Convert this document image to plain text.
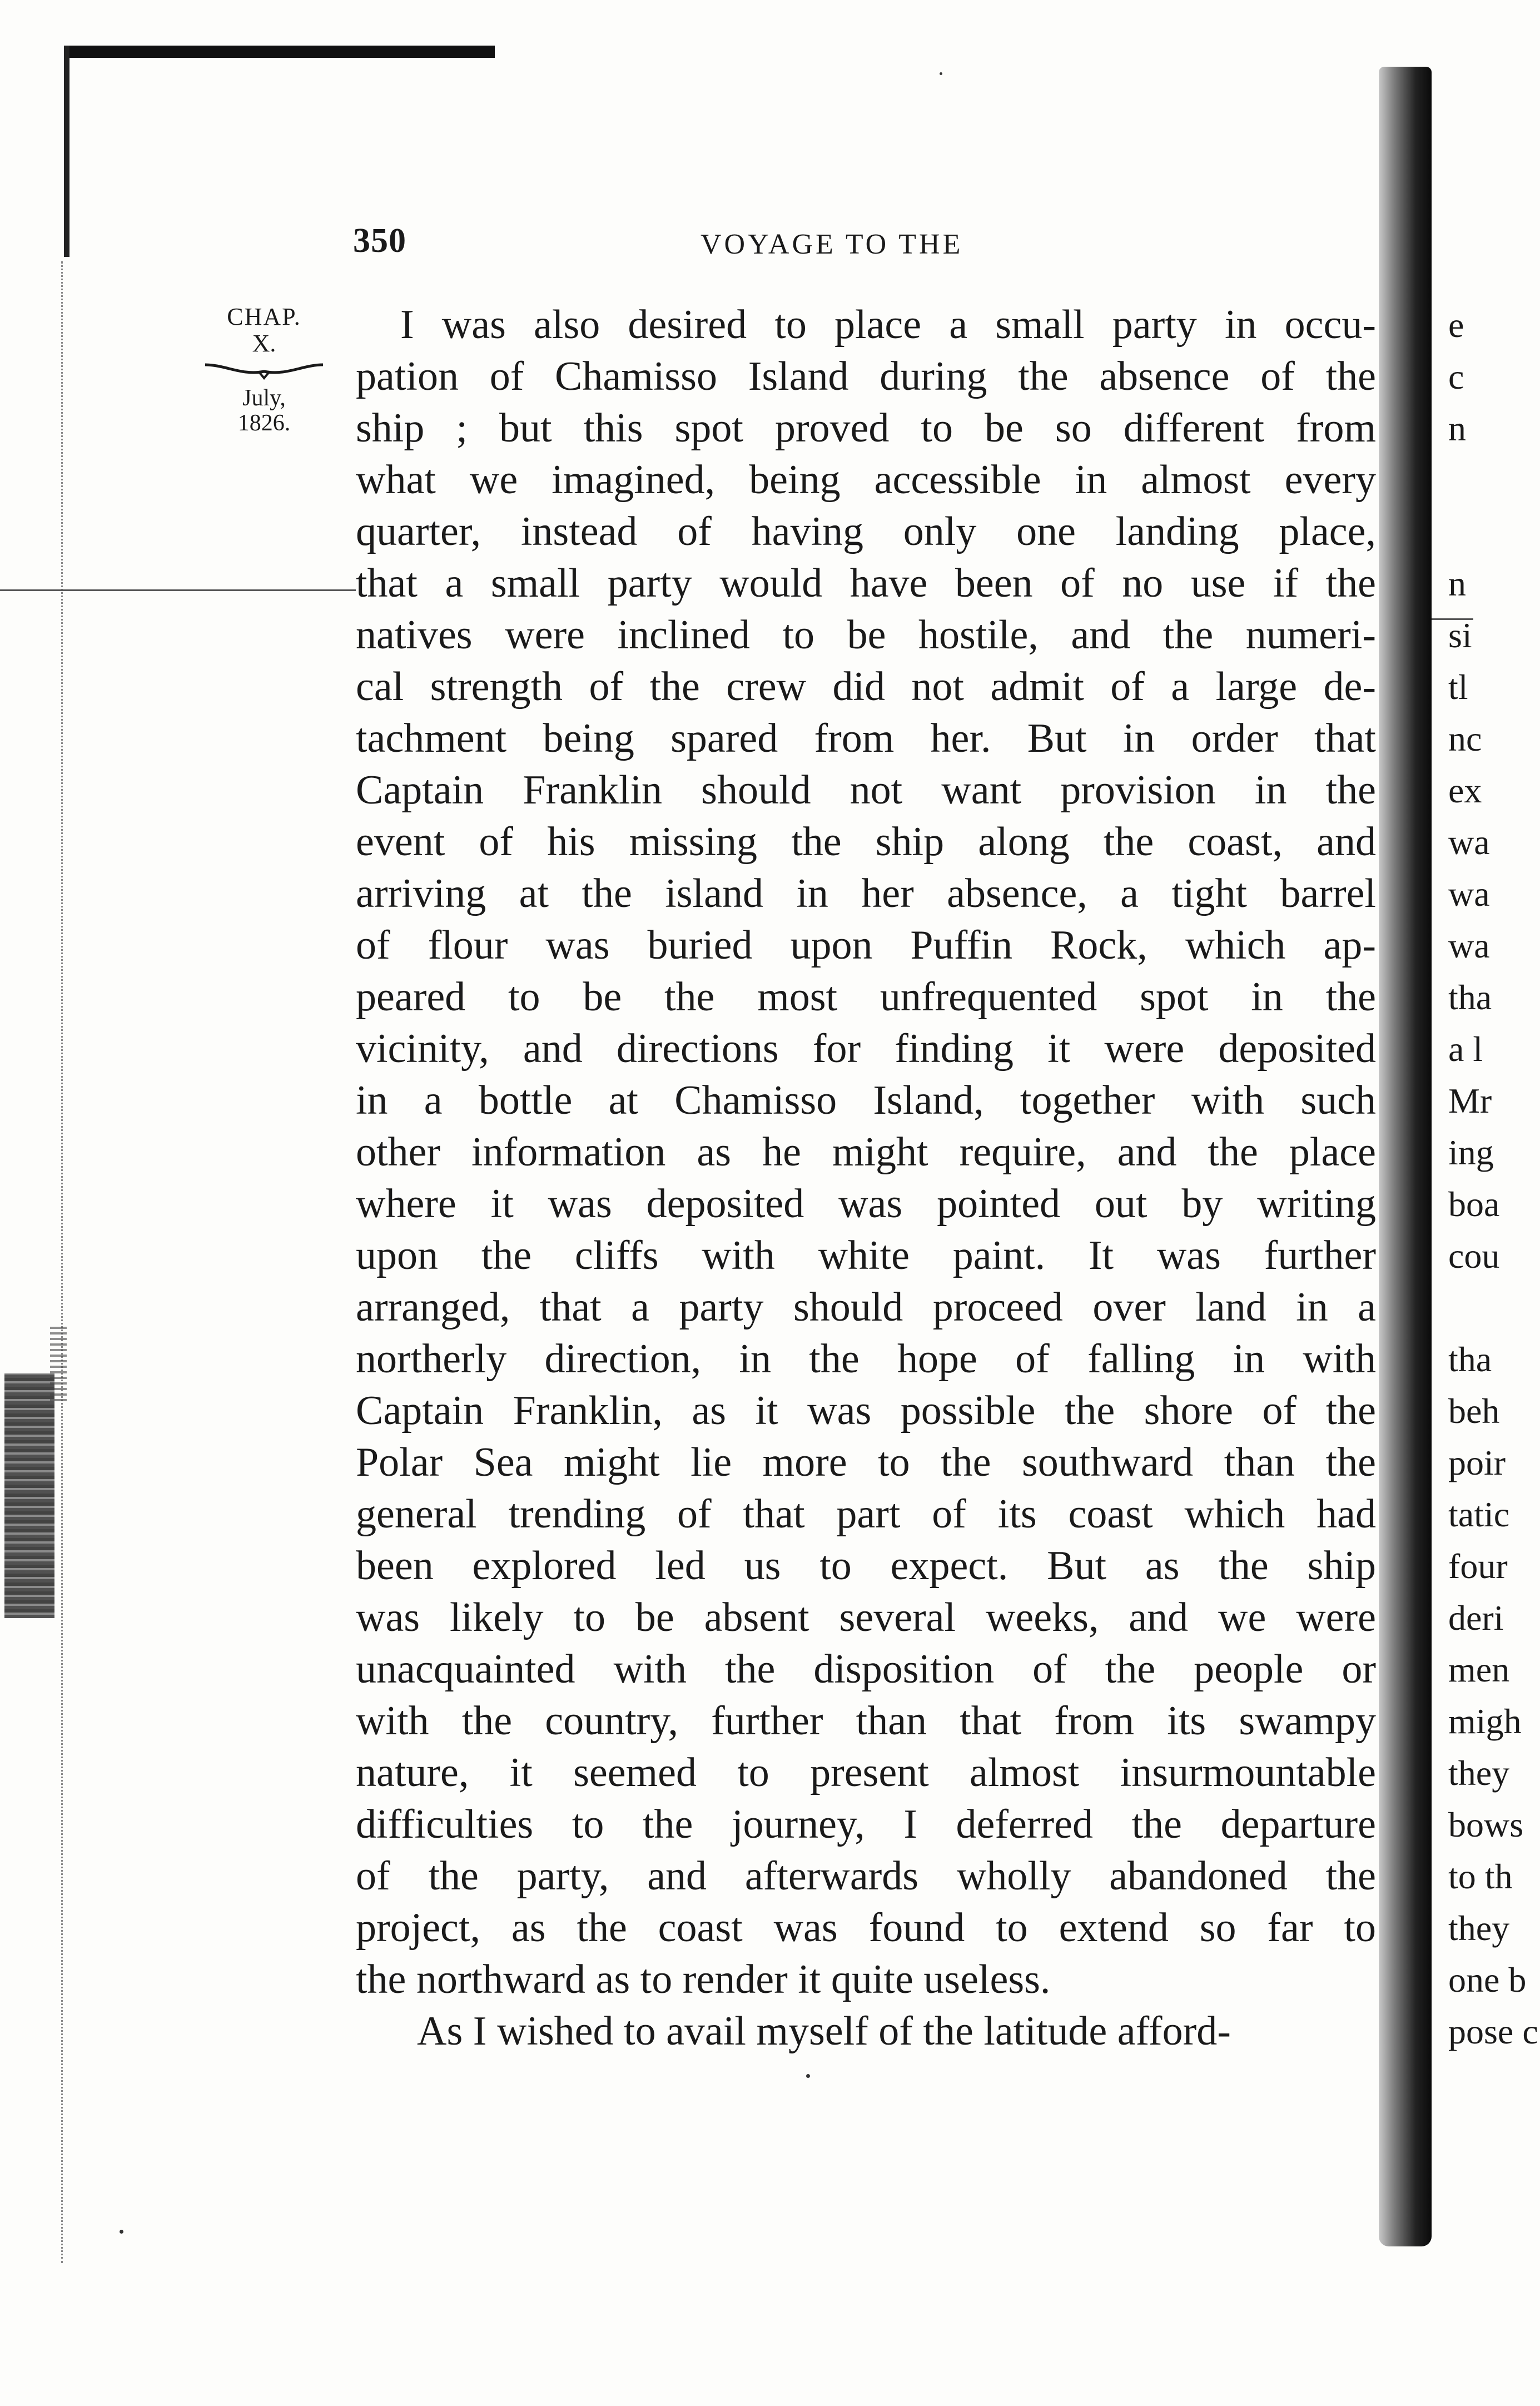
350	VOYAGE TO THE
CHAP.
X.
July,
1826.
I was also desired to place a small party in occu-
pation of Chamisso Island during the absence of the
ship ; but this spot proved to be so different from
what we imagined, being accessible in almost every
quarter, instead of having only one landing place,
that a small party would have been of no use if the
natives were inclined to be hostile, and the numeri-
cal strength of the crew did not admit of a large de-
tachment being spared from her. But in order that
Captain Franklin should not want provision in the
event of his missing the ship along the coast, and
arriving at the island in her absence, a tight barrel
of flour was buried upon Puffin Rock, which ap-
peared to be the most unfrequented spot in the
vicinity, and directions for finding it were deposited
in a bottle at Chamisso Island, together with such
other information as he might require, and the place
where it was deposited was pointed out by writing
upon the cliffs with white paint. It was further
arranged, that a party should proceed over land in a
northerly direction, in the hope of falling in with
Captain Franklin, as it was possible the shore of the
Polar Sea might lie more to the southward than the
general trending of that part of its coast which had
been explored led us to expect. But as the ship
was likely to be absent several weeks, and we were
unacquainted with the disposition of the people or
with the country, further than that from its swampy
nature, it seemed to present almost insurmountable
difficulties to the journey, I deferred the departure
of the party, and afterwards wholly abandoned the
project, as the coast was found to extend so far to
the northward as to render it quite useless.
As I wished to avail myself of the latitude afford-
e
c
n
n
si
tl
nc
ex
wa
wa
wa
tha
a l
Mr
ing
boa
cou
tha
beh
poir
tatic
four
deri
men
migh
they
bows
to th
they
one b
pose c
